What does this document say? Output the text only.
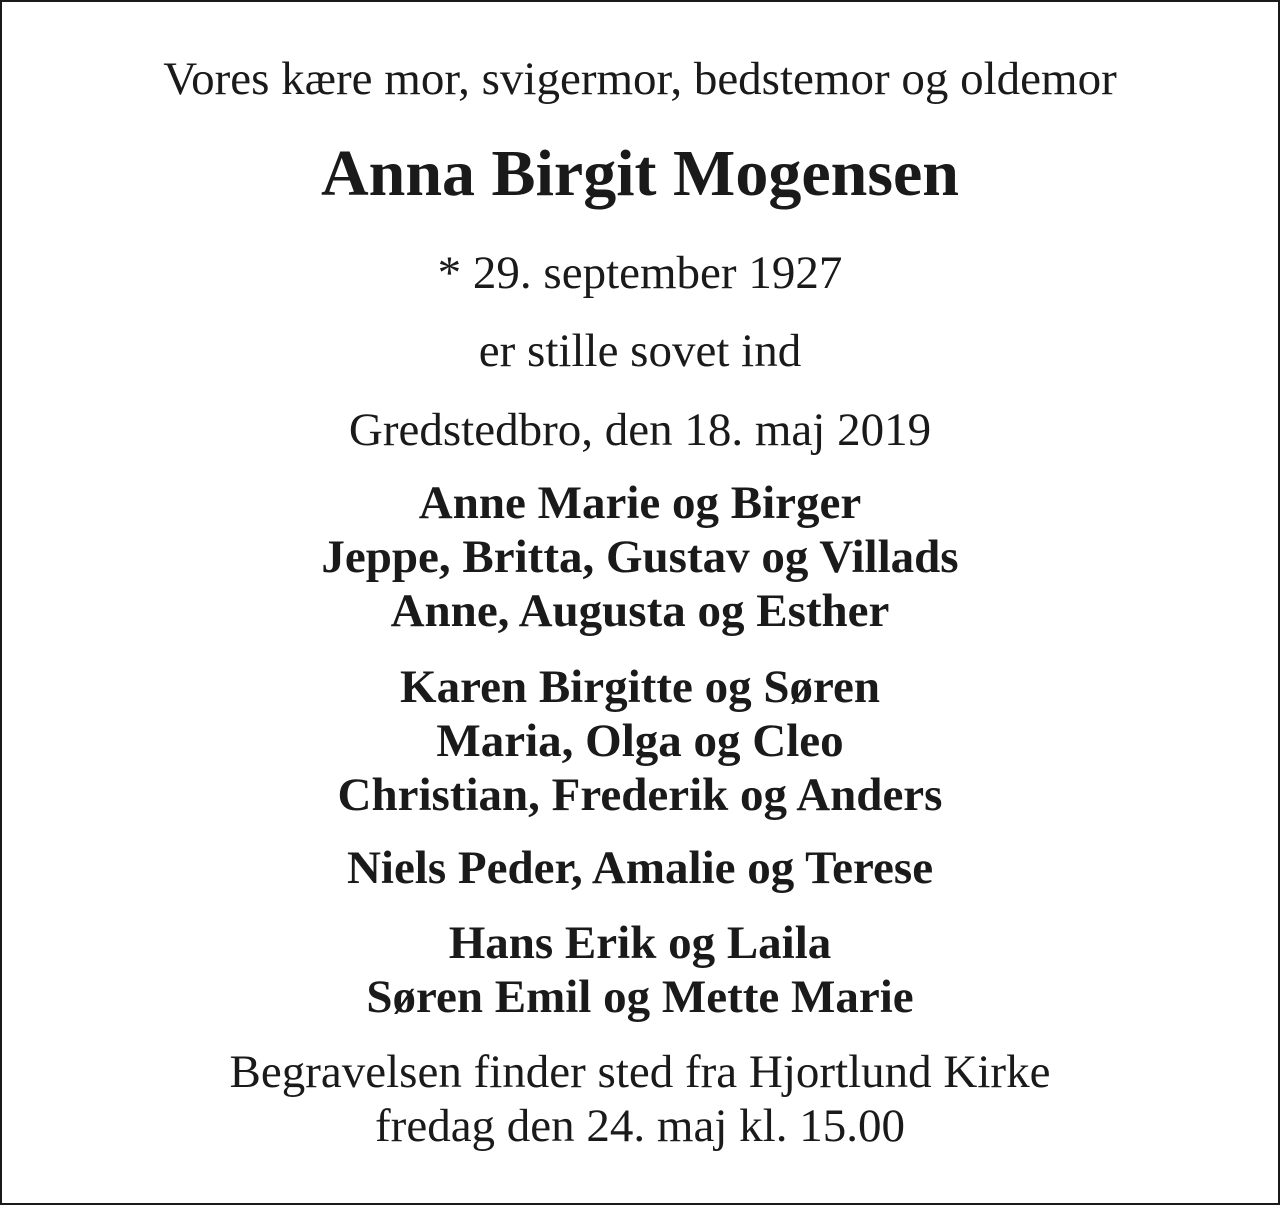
Vores kære mor, svigermor, bedstemor og oldemor

Anna Birgit Mogensen

* 29. september 1927

er stille sovet ind

Gredstedbro, den 18. maj 2019

Anne Marie og Birger
Jeppe, Britta, Gustav og Villads
Anne, Augusta og Esther
Karen Birgitte og Søren
Maria, Olga og Cleo
Christian, Frederik og Anders
Niels Peder, Amalie og Terese
Hans Erik og Laila
Søren Emil og Mette Marie
Begravelsen finder sted fra Hjortlund Kirke
fredag den 24. maj kl. 15.00
